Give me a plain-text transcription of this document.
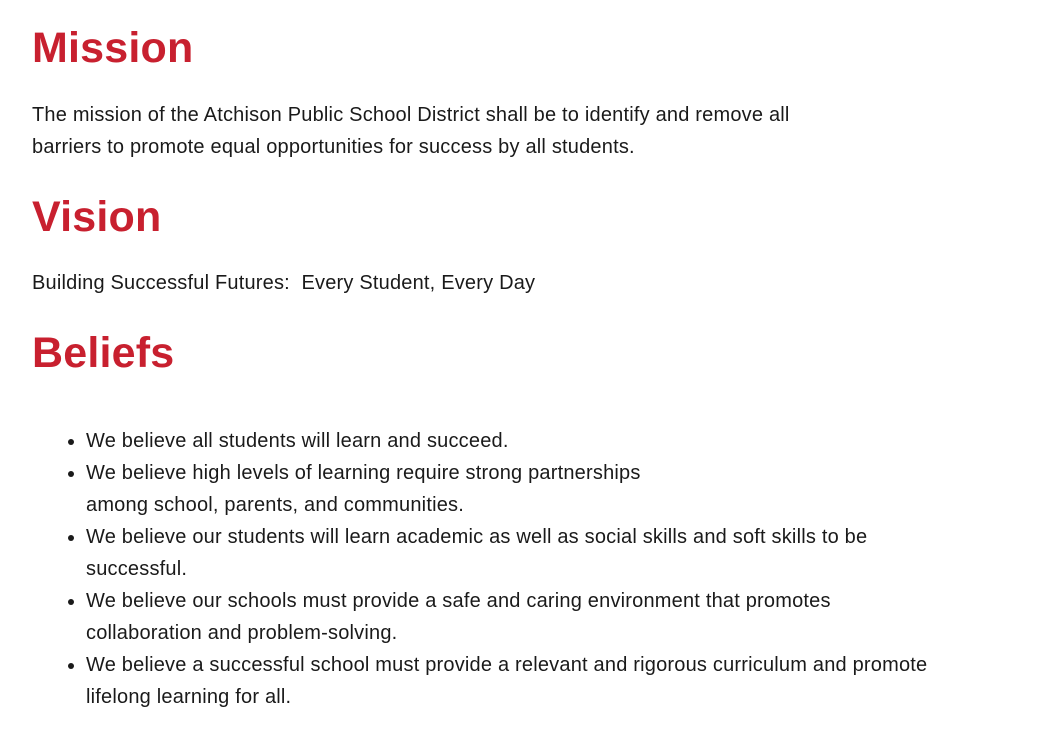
Mission

The mission of the Atchison Public School District shall be to identify and remove all
barriers to promote equal opportunities for success by all students.

Vision

Building Successful Futures:  Every Student, Every Day

Beliefs
• We believe all students will learn and succeed.
• We believe high levels of learning require strong partnerships
among school, parents, and communities.
• We believe our students will learn academic as well as social skills and soft skills to be
successful.
• We believe our schools must provide a safe and caring environment that promotes
collaboration and problem-solving.
• We believe a successful school must provide a relevant and rigorous curriculum and promote
lifelong learning for all.
